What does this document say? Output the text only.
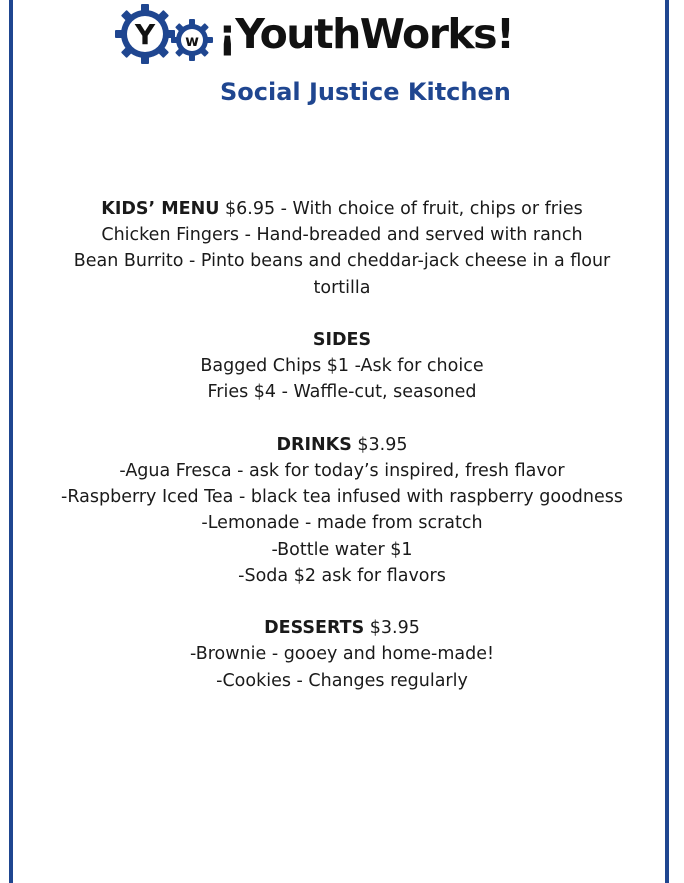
Y w ¡YouthWorks!
Social Justice Kitchen
KIDS’ MENU $6.95 - With choice of fruit, chips or fries
Chicken Fingers - Hand-breaded and served with ranch
Bean Burrito - Pinto beans and cheddar-jack cheese in a flour
tortilla
SIDES
Bagged Chips $1 -Ask for choice
Fries $4 - Waffle-cut, seasoned
DRINKS $3.95
-Agua Fresca - ask for today’s inspired, fresh flavor
-Raspberry Iced Tea - black tea infused with raspberry goodness
-Lemonade - made from scratch
-Bottle water $1
-Soda $2 ask for flavors
DESSERTS $3.95
-Brownie - gooey and home-made!
-Cookies - Changes regularly
